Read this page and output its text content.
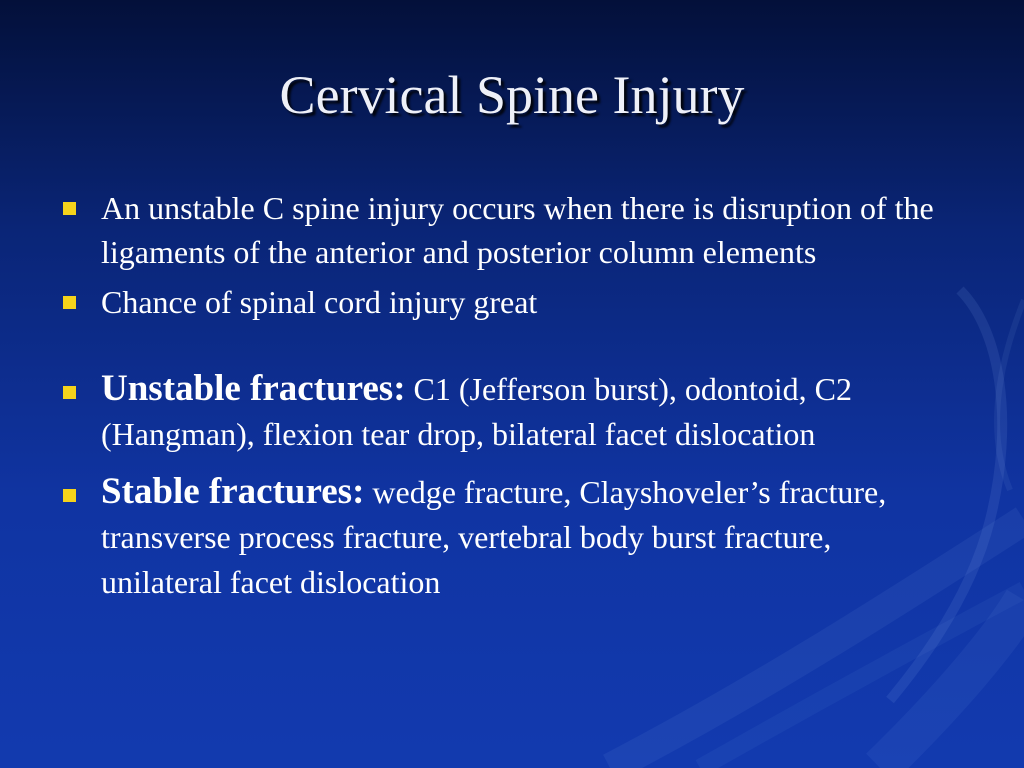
Cervical Spine Injury
An unstable C spine injury occurs when there is disruption of the ligaments of the anterior and posterior column elements
Chance of spinal cord injury great
Unstable fractures: C1 (Jefferson burst), odontoid, C2 (Hangman), flexion tear drop, bilateral facet dislocation
Stable fractures: wedge fracture, Clayshoveler’s fracture, transverse process fracture, vertebral body burst fracture, unilateral facet dislocation
